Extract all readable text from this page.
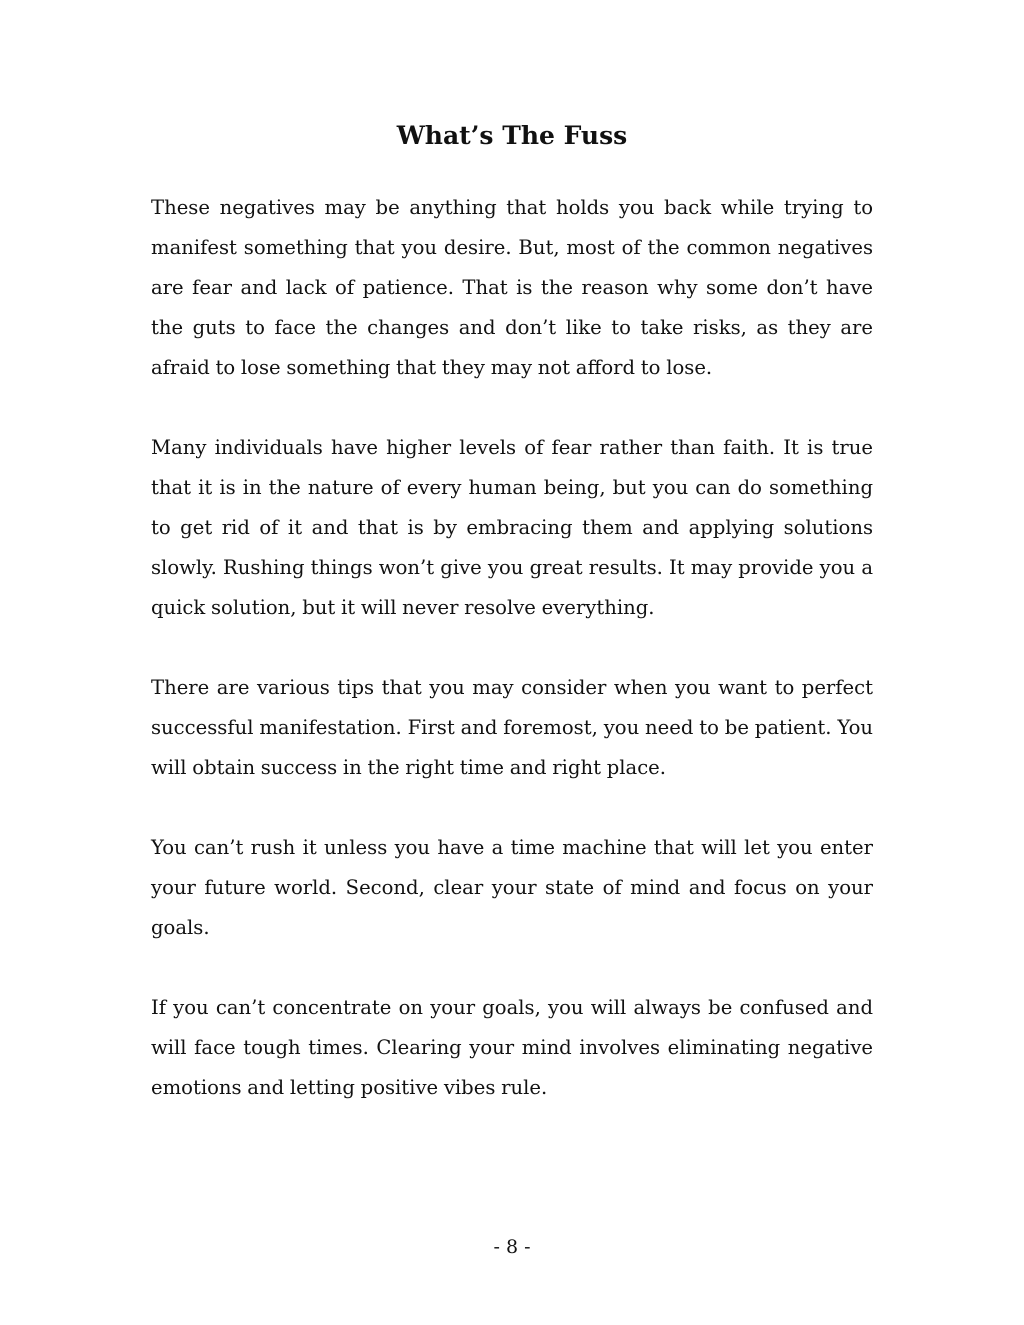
What’s The Fuss

These negatives may be anything that holds you back while trying to manifest something that you desire. But, most of the common negatives are fear and lack of patience. That is the reason why some don’t have the guts to face the changes and don’t like to take risks, as they are afraid to lose something that they may not afford to lose.

Many individuals have higher levels of fear rather than faith. It is true that it is in the nature of every human being, but you can do something to get rid of it and that is by embracing them and applying solutions slowly. Rushing things won’t give you great results. It may provide you a quick solution, but it will never resolve everything.

There are various tips that you may consider when you want to perfect successful manifestation. First and foremost, you need to be patient. You will obtain success in the right time and right place.

You can’t rush it unless you have a time machine that will let you enter your future world. Second, clear your state of mind and focus on your goals.

If you can’t concentrate on your goals, you will always be confused and will face tough times. Clearing your mind involves eliminating negative emotions and letting positive vibes rule.

- 8 -
